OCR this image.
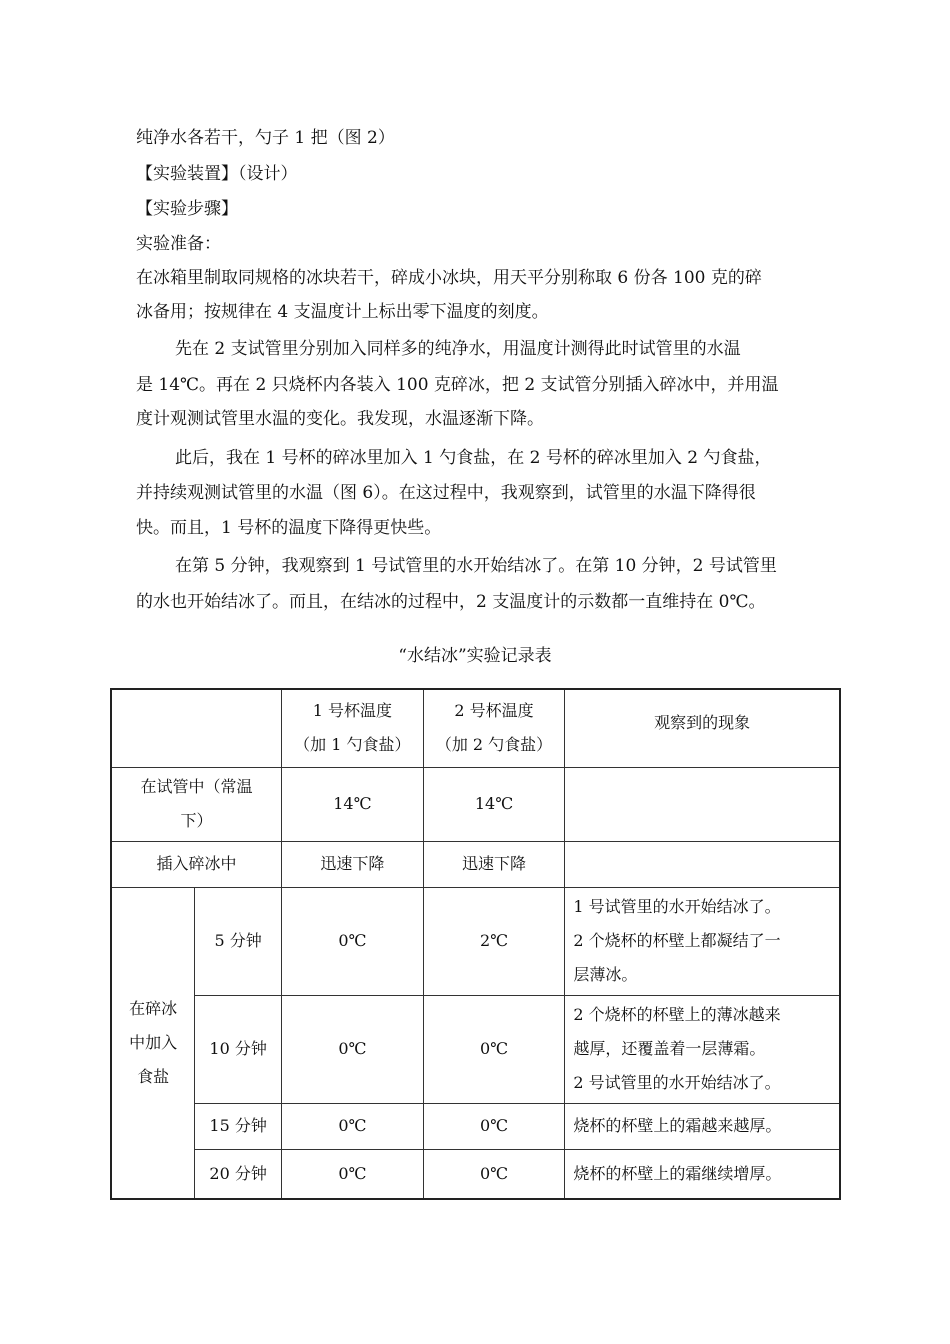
纯净水各若干，勺子 1 把（图 2）
【实验装置】（设计）
【实验步骤】
实验准备：
在冰箱里制取同规格的冰块若干，碎成小冰块，用天平分别称取 6 份各 100 克的碎
冰备用；按规律在 4 支温度计上标出零下温度的刻度。
先在 2 支试管里分别加入同样多的纯净水，用温度计测得此时试管里的水温
是 14℃。再在 2 只烧杯内各装入 100 克碎冰，把 2 支试管分别插入碎冰中，并用温
度计观测试管里水温的变化。我发现，水温逐渐下降。
此后，我在 1 号杯的碎冰里加入 1 勺食盐，在 2 号杯的碎冰里加入 2 勺食盐，
并持续观测试管里的水温（图 6）。在这过程中，我观察到，试管里的水温下降得很
快。而且，1 号杯的温度下降得更快些。
在第 5 分钟，我观察到 1 号试管里的水开始结冰了。在第 10 分钟，2 号试管里
的水也开始结冰了。而且，在结冰的过程中，2 支温度计的示数都一直维持在 0℃。
“水结冰”实验记录表

		1 号杯温度
（加 1 勺食盐）	2 号杯温度
（加 2 勺食盐）	观察到的现象

在试管中（常温
下）		14℃	14℃	
插入碎冰中		迅速下降	迅速下降	

在碎冰
中加入
食盐	5 分钟	0℃	2℃	1 号试管里的水开始结冰了。
2 个烧杯的杯壁上都凝结了一
层薄冰。

	10 分钟	0℃	0℃	2 个烧杯的杯壁上的薄冰越来
越厚，还覆盖着一层薄霜。
2 号试管里的水开始结冰了。

	15 分钟	0℃	0℃	烧杯的杯壁上的霜越来越厚。
	20 分钟	0℃	0℃	烧杯的杯壁上的霜继续增厚。
